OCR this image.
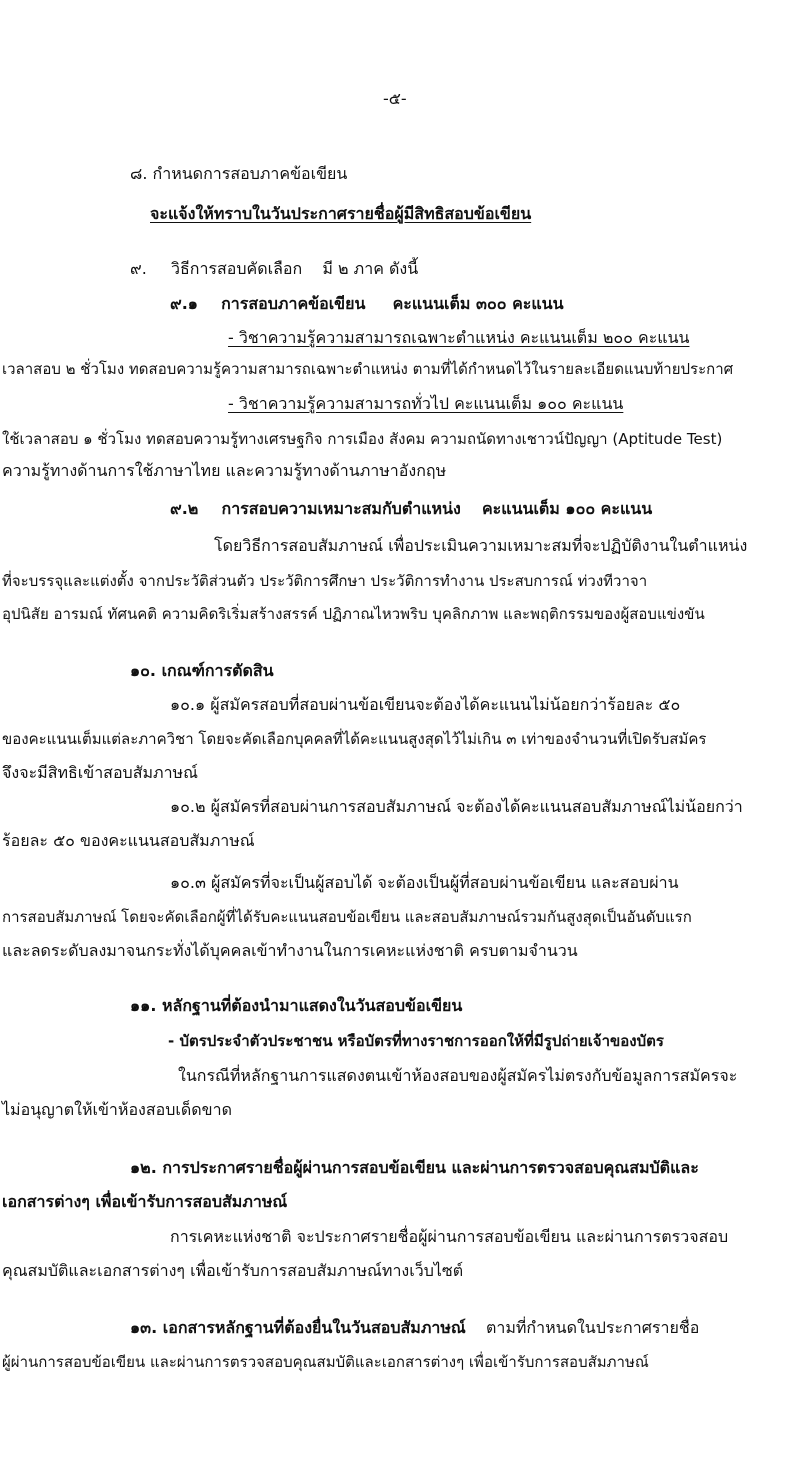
-๕-
๘. กำหนดการสอบภาคข้อเขียน
จะแจ้งให้ทราบในวันประกาศรายชื่อผู้มีสิทธิสอบข้อเขียน
๙. วิธีการสอบคัดเลือก มี ๒ ภาค ดังนี้
๙.๑ การสอบภาคข้อเขียน คะแนนเต็ม ๓๐๐ คะแนน
- วิชาความรู้ความสามารถเฉพาะตำแหน่ง คะแนนเต็ม ๒๐๐ คะแนน
เวลาสอบ ๒ ชั่วโมง ทดสอบความรู้ความสามารถเฉพาะตำแหน่ง ตามที่ได้กำหนดไว้ในรายละเอียดแนบท้ายประกาศ
- วิชาความรู้ความสามารถทั่วไป คะแนนเต็ม ๑๐๐ คะแนน
ใช้เวลาสอบ ๑ ชั่วโมง ทดสอบความรู้ทางเศรษฐกิจ การเมือง สังคม ความถนัดทางเชาวน์ปัญญา (Aptitude Test)
ความรู้ทางด้านการใช้ภาษาไทย และความรู้ทางด้านภาษาอังกฤษ
๙.๒ การสอบความเหมาะสมกับตำแหน่ง คะแนนเต็ม ๑๐๐ คะแนน
โดยวิธีการสอบสัมภาษณ์ เพื่อประเมินความเหมาะสมที่จะปฏิบัติงานในตำแหน่ง
ที่จะบรรจุและแต่งตั้ง จากประวัติส่วนตัว ประวัติการศึกษา ประวัติการทำงาน ประสบการณ์ ท่วงทีวาจา
อุปนิสัย อารมณ์ ทัศนคติ ความคิดริเริ่มสร้างสรรค์ ปฏิภาณไหวพริบ บุคลิกภาพ และพฤติกรรมของผู้สอบแข่งขัน
๑๐. เกณฑ์การตัดสิน
๑๐.๑ ผู้สมัครสอบที่สอบผ่านข้อเขียนจะต้องได้คะแนนไม่น้อยกว่าร้อยละ ๕๐
ของคะแนนเต็มแต่ละภาควิชา โดยจะคัดเลือกบุคคลที่ได้คะแนนสูงสุดไว้ไม่เกิน ๓ เท่าของจำนวนที่เปิดรับสมัคร
จึงจะมีสิทธิเข้าสอบสัมภาษณ์
๑๐.๒ ผู้สมัครที่สอบผ่านการสอบสัมภาษณ์ จะต้องได้คะแนนสอบสัมภาษณ์ไม่น้อยกว่า
ร้อยละ ๕๐ ของคะแนนสอบสัมภาษณ์
๑๐.๓ ผู้สมัครที่จะเป็นผู้สอบได้ จะต้องเป็นผู้ที่สอบผ่านข้อเขียน และสอบผ่าน
การสอบสัมภาษณ์ โดยจะคัดเลือกผู้ที่ได้รับคะแนนสอบข้อเขียน และสอบสัมภาษณ์รวมกันสูงสุดเป็นอันดับแรก
และลดระดับลงมาจนกระทั่งได้บุคคลเข้าทำงานในการเคหะแห่งชาติ ครบตามจำนวน
๑๑. หลักฐานที่ต้องนำมาแสดงในวันสอบข้อเขียน
- บัตรประจำตัวประชาชน หรือบัตรที่ทางราชการออกให้ที่มีรูปถ่ายเจ้าของบัตร
ในกรณีที่หลักฐานการแสดงตนเข้าห้องสอบของผู้สมัครไม่ตรงกับข้อมูลการสมัครจะ
ไม่อนุญาตให้เข้าห้องสอบเด็ดขาด
๑๒. การประกาศรายชื่อผู้ผ่านการสอบข้อเขียน และผ่านการตรวจสอบคุณสมบัติและ
เอกสารต่างๆ เพื่อเข้ารับการสอบสัมภาษณ์
การเคหะแห่งชาติ จะประกาศรายชื่อผู้ผ่านการสอบข้อเขียน และผ่านการตรวจสอบ
คุณสมบัติและเอกสารต่างๆ เพื่อเข้ารับการสอบสัมภาษณ์ทางเว็บไซต์
๑๓. เอกสารหลักฐานที่ต้องยื่นในวันสอบสัมภาษณ์ ตามที่กำหนดในประกาศรายชื่อ
ผู้ผ่านการสอบข้อเขียน และผ่านการตรวจสอบคุณสมบัติและเอกสารต่างๆ เพื่อเข้ารับการสอบสัมภาษณ์
